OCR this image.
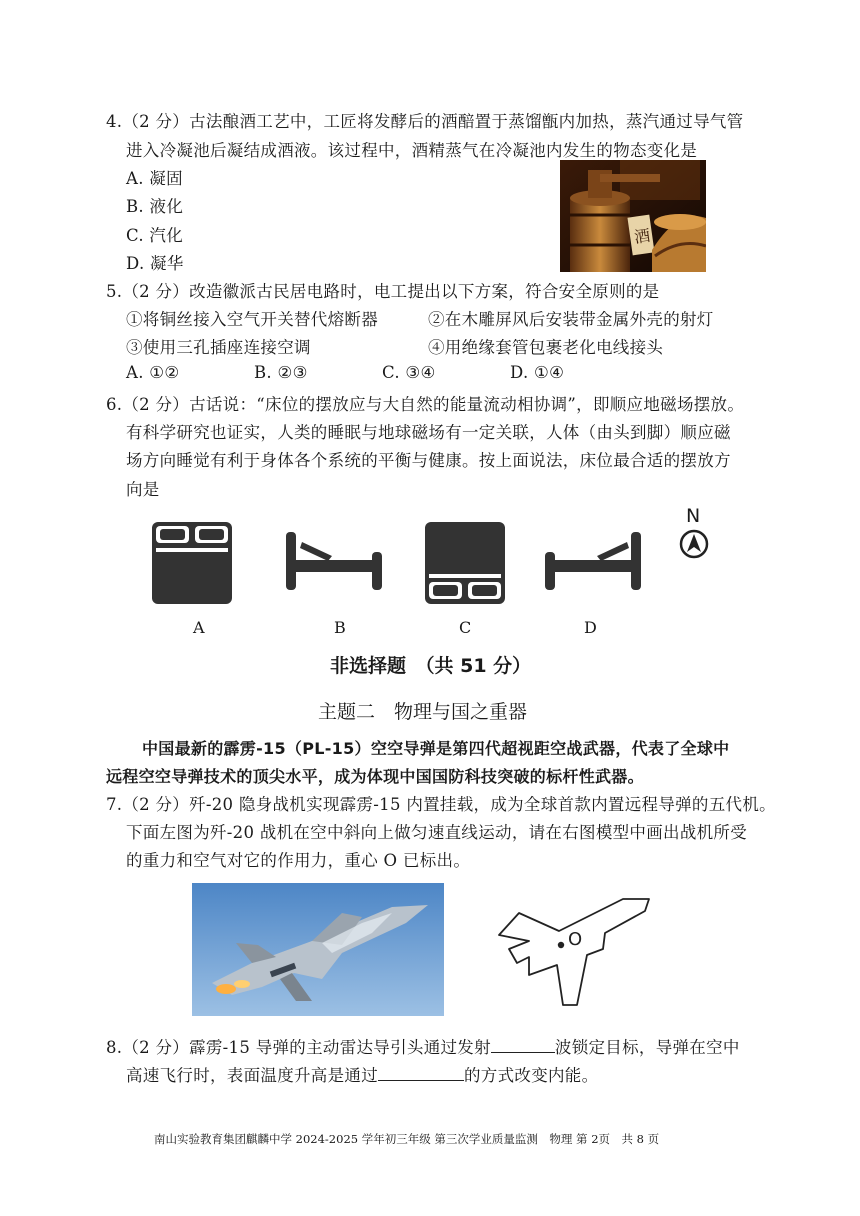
4.（2 分）古法酿酒工艺中，工匠将发酵后的酒醅置于蒸馏甑内加热，蒸汽通过导气管
进入冷凝池后凝结成酒液。该过程中，酒精蒸气在冷凝池内发生的物态变化是
A. 凝固
B. 液化
C. 汽化
D. 凝华
酒
5.（2 分）改造徽派古民居电路时，电工提出以下方案，符合安全原则的是
①将铜丝接入空气开关替代熔断器	②在木雕屏风后安装带金属外壳的射灯
③使用三孔插座连接空调	④用绝缘套管包裹老化电线接头
A. ①②	B. ②③	C. ③④	D. ①④
6.（2 分）古话说：“床位的摆放应与大自然的能量流动相协调”，即顺应地磁场摆放。
有科学研究也证实，人类的睡眠与地球磁场有一定关联，人体（由头到脚）顺应磁
场方向睡觉有利于身体各个系统的平衡与健康。按上面说法，床位最合适的摆放方
向是
N
A	B	C	D
非选择题　（共 51 分）
主题二　物理与国之重器
中国最新的霹雳-15（PL-15）空空导弹是第四代超视距空战武器，代表了全球中
远程空空导弹技术的顶尖水平，成为体现中国国防科技突破的标杆性武器。
7.（2 分）歼-20 隐身战机实现霹雳-15 内置挂载，成为全球首款内置远程导弹的五代机。
下面左图为歼-20 战机在空中斜向上做匀速直线运动，请在右图模型中画出战机所受
的重力和空气对它的作用力，重心 O 已标出。
O
8.（2 分）霹雳-15 导弹的主动雷达导引头通过发射	波锁定目标，导弹在空中
高速飞行时，表面温度升高是通过	的方式改变内能。
南山实验教育集团麒麟中学 2024-2025 学年初三年级 第三次学业质量监测　物理 第 2页　共 8 页
